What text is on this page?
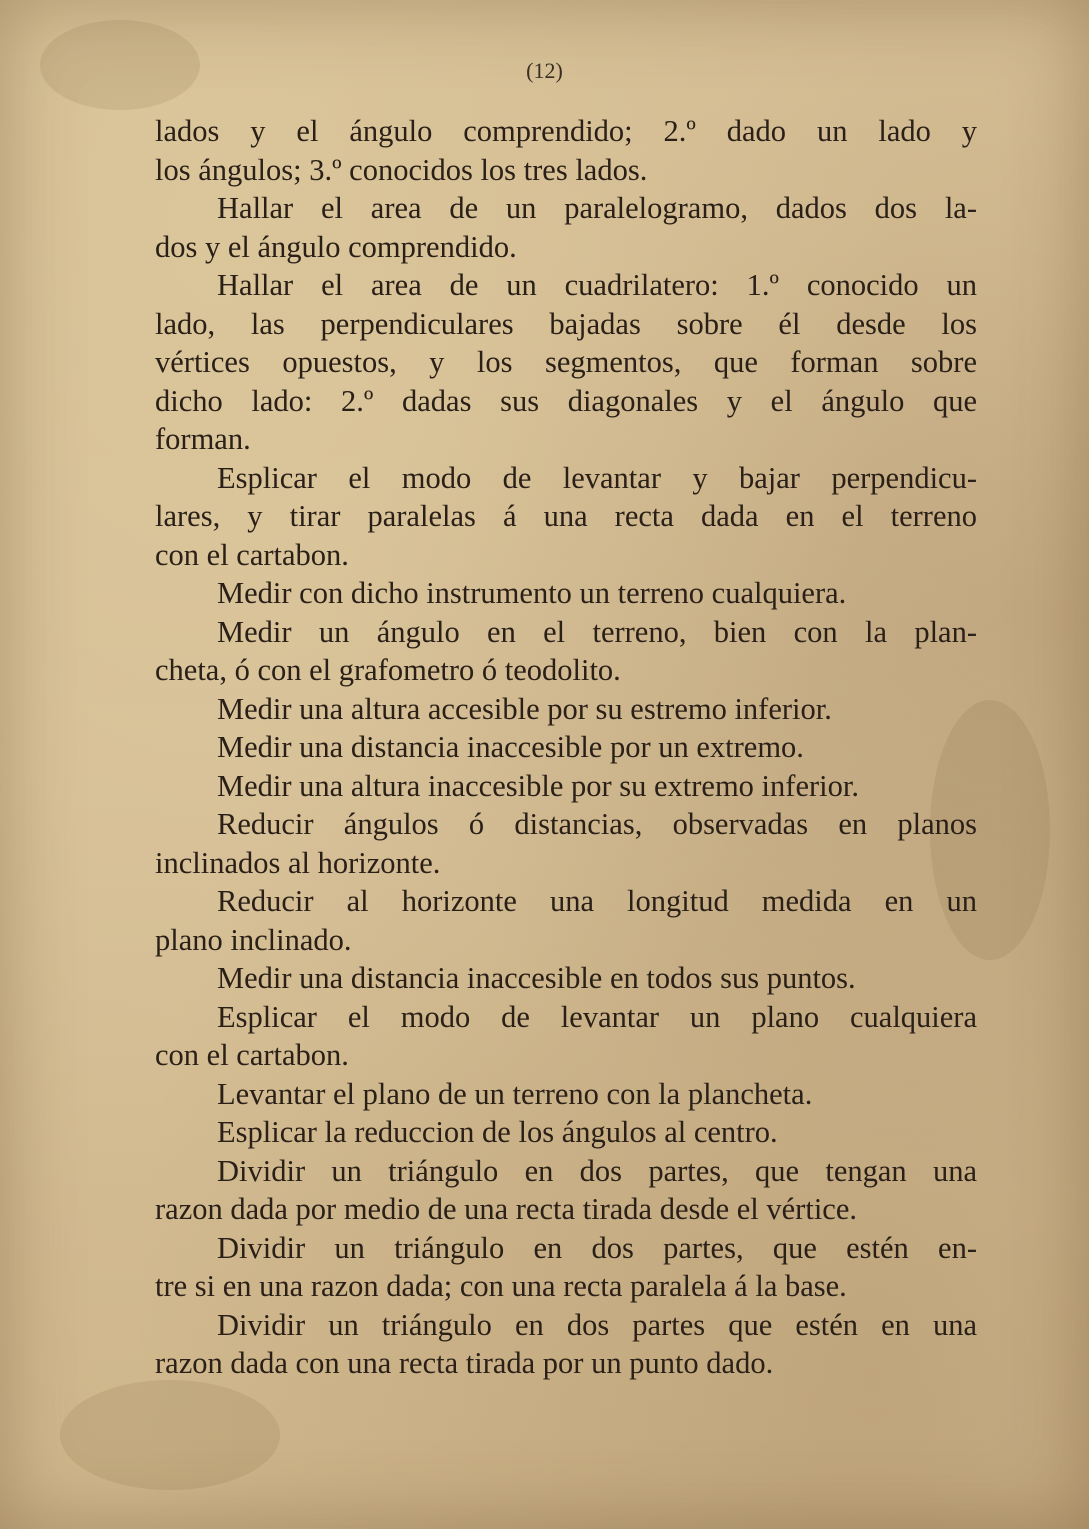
(12)
lados y el ángulo comprendido; 2.º dado un lado y
los ángulos; 3.º conocidos los tres lados.
Hallar el area de un paralelogramo, dados dos la-
dos y el ángulo comprendido.
Hallar el area de un cuadrilatero: 1.º conocido un
lado, las perpendiculares bajadas sobre él desde los
vértices opuestos, y los segmentos, que forman sobre
dicho lado: 2.º dadas sus diagonales y el ángulo que
forman.
Esplicar el modo de levantar y bajar perpendicu-
lares, y tirar paralelas á una recta dada en el terreno
con el cartabon.
Medir con dicho instrumento un terreno cualquiera.
Medir un ángulo en el terreno, bien con la plan-
cheta, ó con el grafometro ó teodolito.
Medir una altura accesible por su estremo inferior.
Medir una distancia inaccesible por un extremo.
Medir una altura inaccesible por su extremo inferior.
Reducir ángulos ó distancias, observadas en planos
inclinados al horizonte.
Reducir al horizonte una longitud medida en un
plano inclinado.
Medir una distancia inaccesible en todos sus puntos.
Esplicar el modo de levantar un plano cualquiera
con el cartabon.
Levantar el plano de un terreno con la plancheta.
Esplicar la reduccion de los ángulos al centro.
Dividir un triángulo en dos partes, que tengan una
razon dada por medio de una recta tirada desde el vértice.
Dividir un triángulo en dos partes, que estén en-
tre si en una razon dada; con una recta paralela á la base.
Dividir un triángulo en dos partes que estén en una
razon dada con una recta tirada por un punto dado.
